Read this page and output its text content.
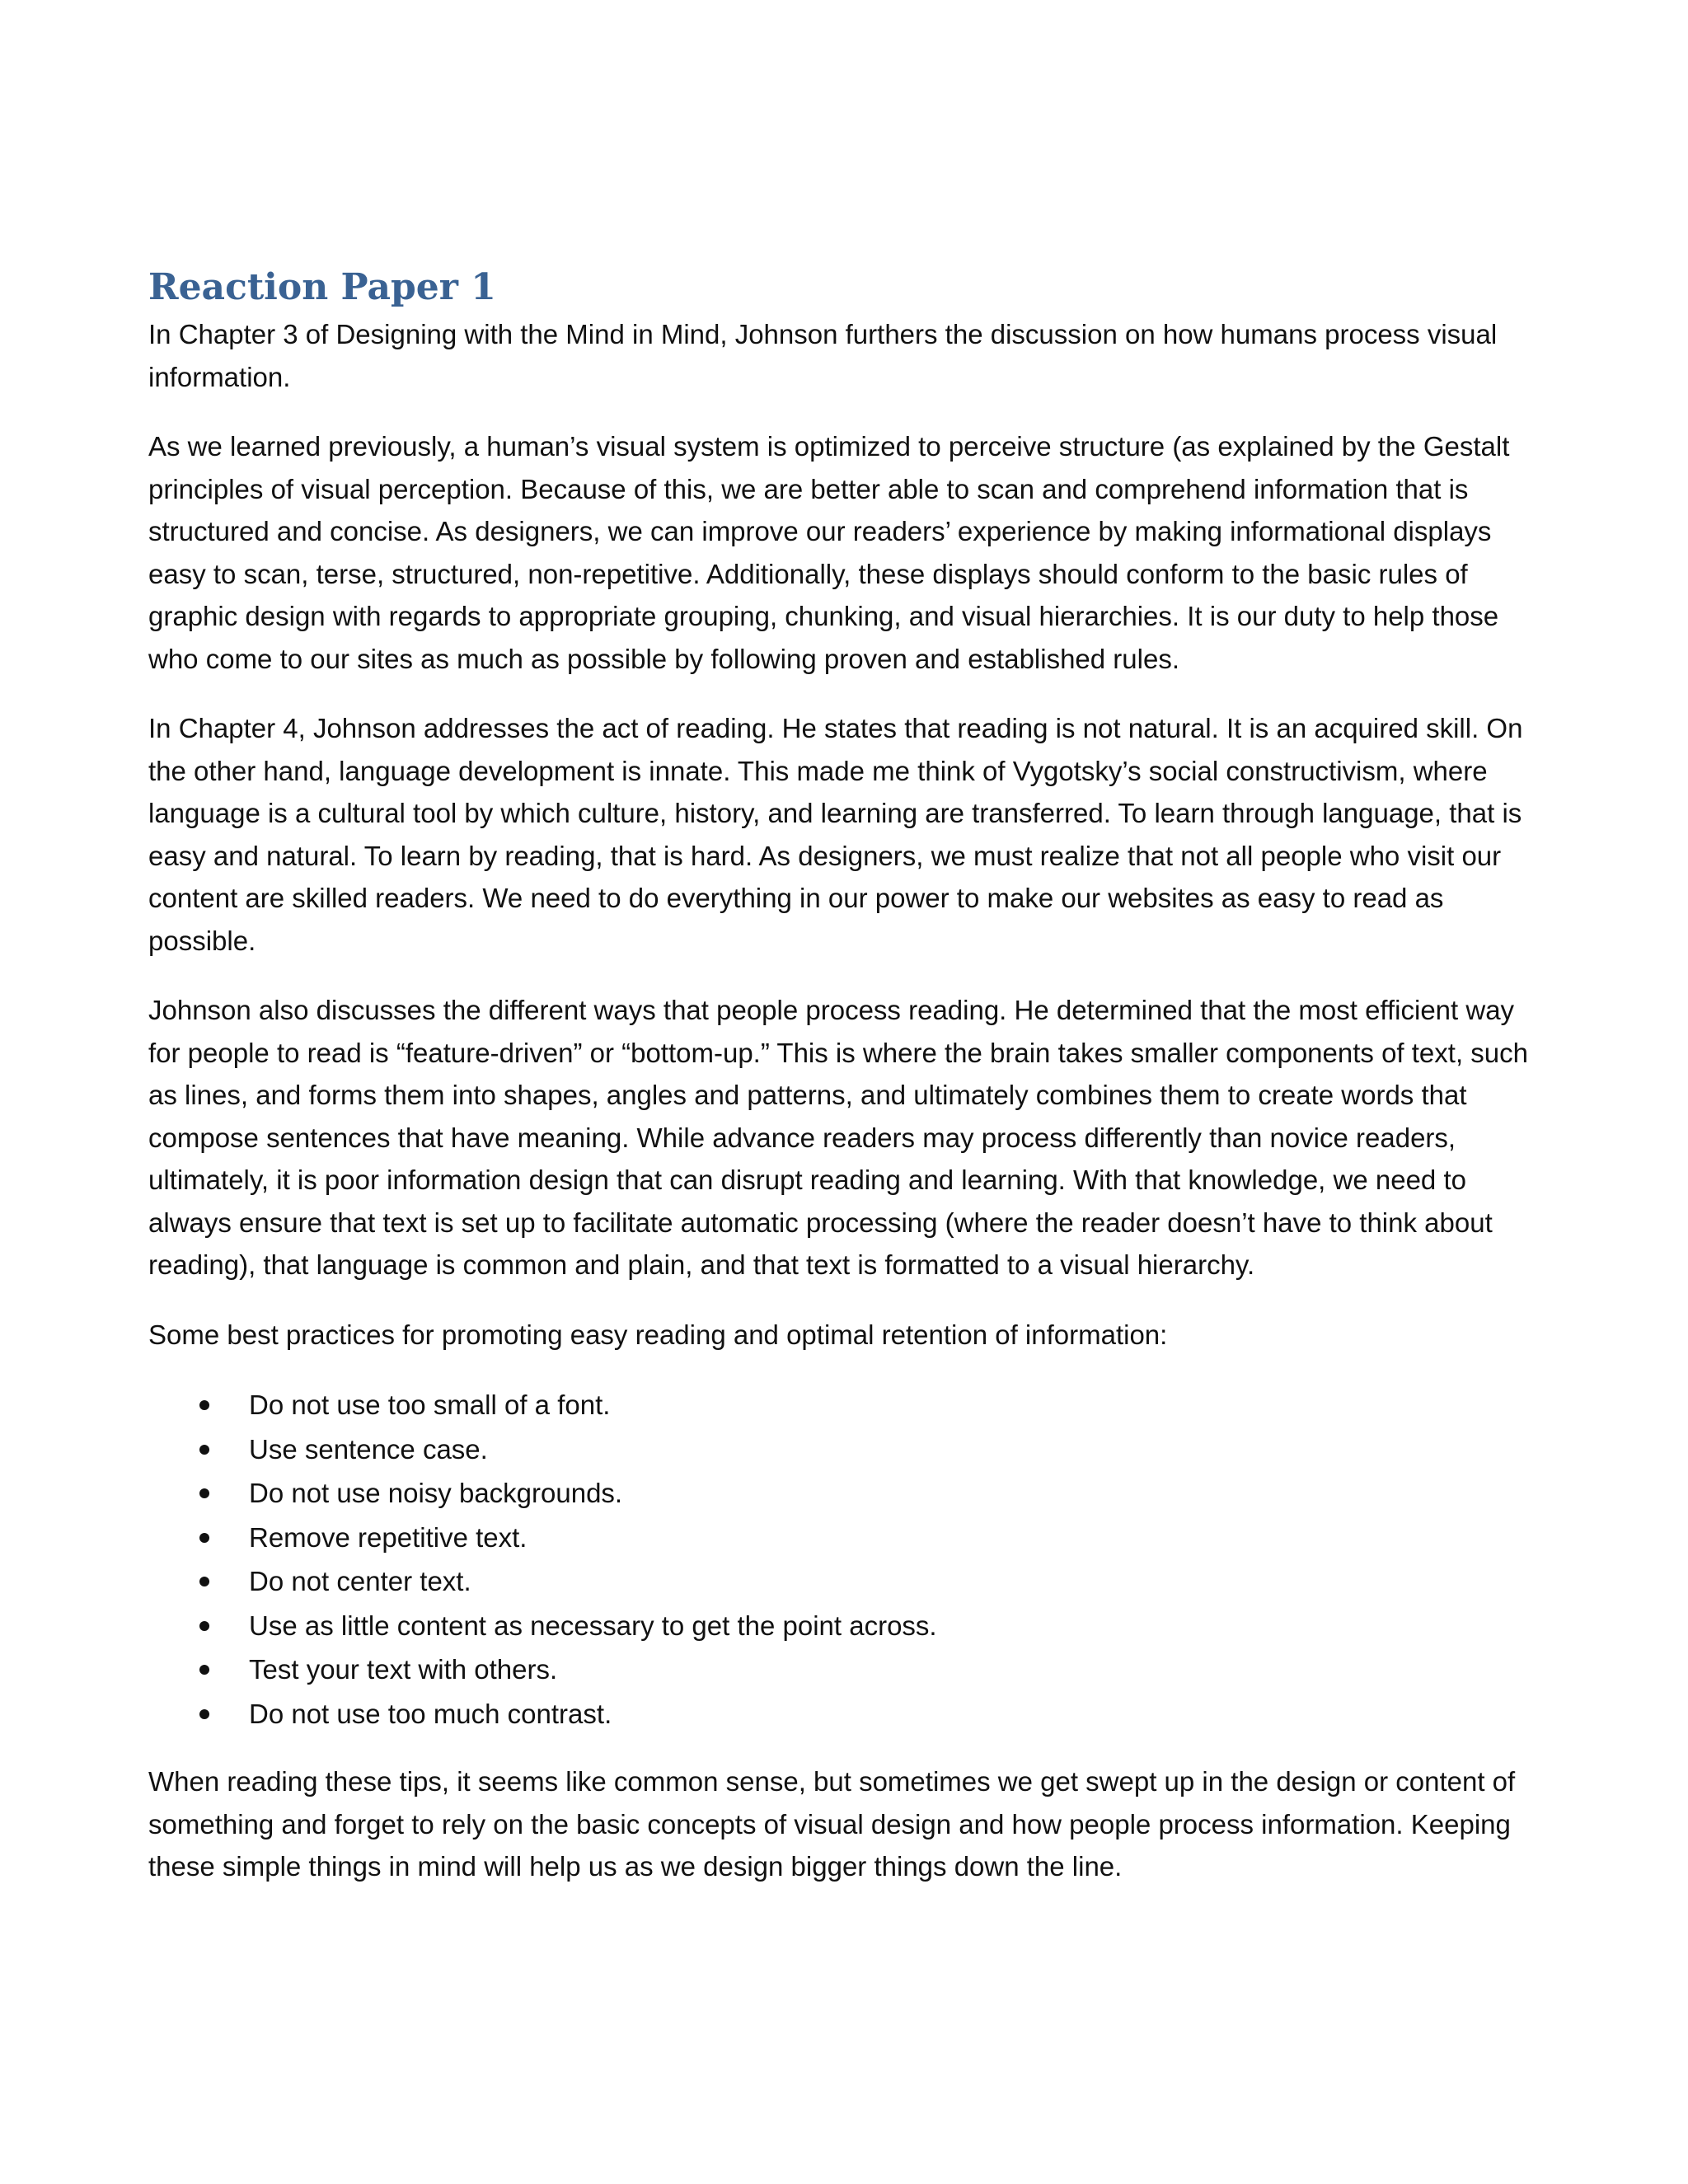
Reaction Paper 1

In Chapter 3 of Designing with the Mind in Mind, Johnson furthers the discussion on how humans process visual information.

As we learned previously, a human’s visual system is optimized to perceive structure (as explained by the Gestalt principles of visual perception. Because of this, we are better able to scan and comprehend information that is structured and concise. As designers, we can improve our readers’ experience by making informational displays easy to scan, terse, structured, non-repetitive. Additionally, these displays should conform to the basic rules of graphic design with regards to appropriate grouping, chunking, and visual hierarchies. It is our duty to help those who come to our sites as much as possible by following proven and established rules.

In Chapter 4, Johnson addresses the act of reading. He states that reading is not natural. It is an acquired skill. On the other hand, language development is innate. This made me think of Vygotsky’s social constructivism, where language is a cultural tool by which culture, history, and learning are transferred. To learn through language, that is easy and natural. To learn by reading, that is hard. As designers, we must realize that not all people who visit our content are skilled readers. We need to do everything in our power to make our websites as easy to read as possible.

Johnson also discusses the different ways that people process reading. He determined that the most efficient way for people to read is “feature-driven” or “bottom-up.” This is where the brain takes smaller components of text, such as lines, and forms them into shapes, angles and patterns, and ultimately combines them to create words that compose sentences that have meaning. While advance readers may process differently than novice readers, ultimately, it is poor information design that can disrupt reading and learning. With that knowledge, we need to always ensure that text is set up to facilitate automatic processing (where the reader doesn’t have to think about reading), that language is common and plain, and that text is formatted to a visual hierarchy.

Some best practices for promoting easy reading and optimal retention of information:

Do not use too small of a font.
Use sentence case.
Do not use noisy backgrounds.
Remove repetitive text.
Do not center text.
Use as little content as necessary to get the point across.
Test your text with others.
Do not use too much contrast.

When reading these tips, it seems like common sense, but sometimes we get swept up in the design or content of something and forget to rely on the basic concepts of visual design and how people process information. Keeping these simple things in mind will help us as we design bigger things down the line.
